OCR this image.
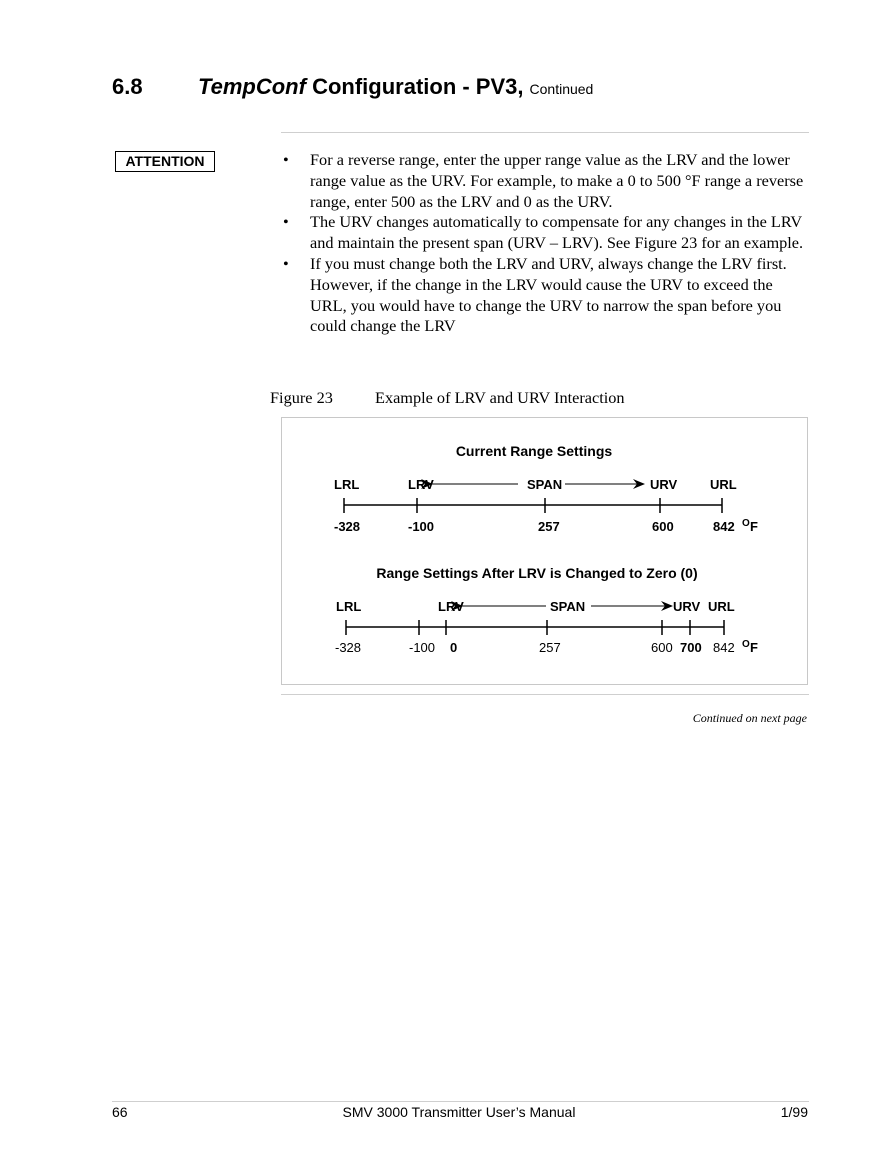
6.8	TempConf Configuration - PV3, Continued
ATTENTION	• For a reverse range, enter the upper range value as the LRV and the lower range value as the URV. For example, to make a 0 to 500 °F range a reverse range, enter 500 as the LRV and 0 as the URV.
• The URV changes automatically to compensate for any changes in the LRV and maintain the present span (URV – LRV). See Figure 23 for an example.
• If you must change both the LRV and URV, always change the LRV first. However, if the change in the LRV would cause the URV to exceed the URL, you would have to change the URV to narrow the span before you could change the LRV
Figure 23	Example of LRV and URV Interaction
Current Range Settings
LRL	LRV	SPAN	URV	URL
-328	-100	257	600	842 O F
Range Settings After LRV is Changed to Zero (0)
LRL	LRV	SPAN	URV URL
-328	-100 0	257	600 700 842 O F
Continued on next page
66	SMV 3000 Transmitter User’s Manual	1/99
